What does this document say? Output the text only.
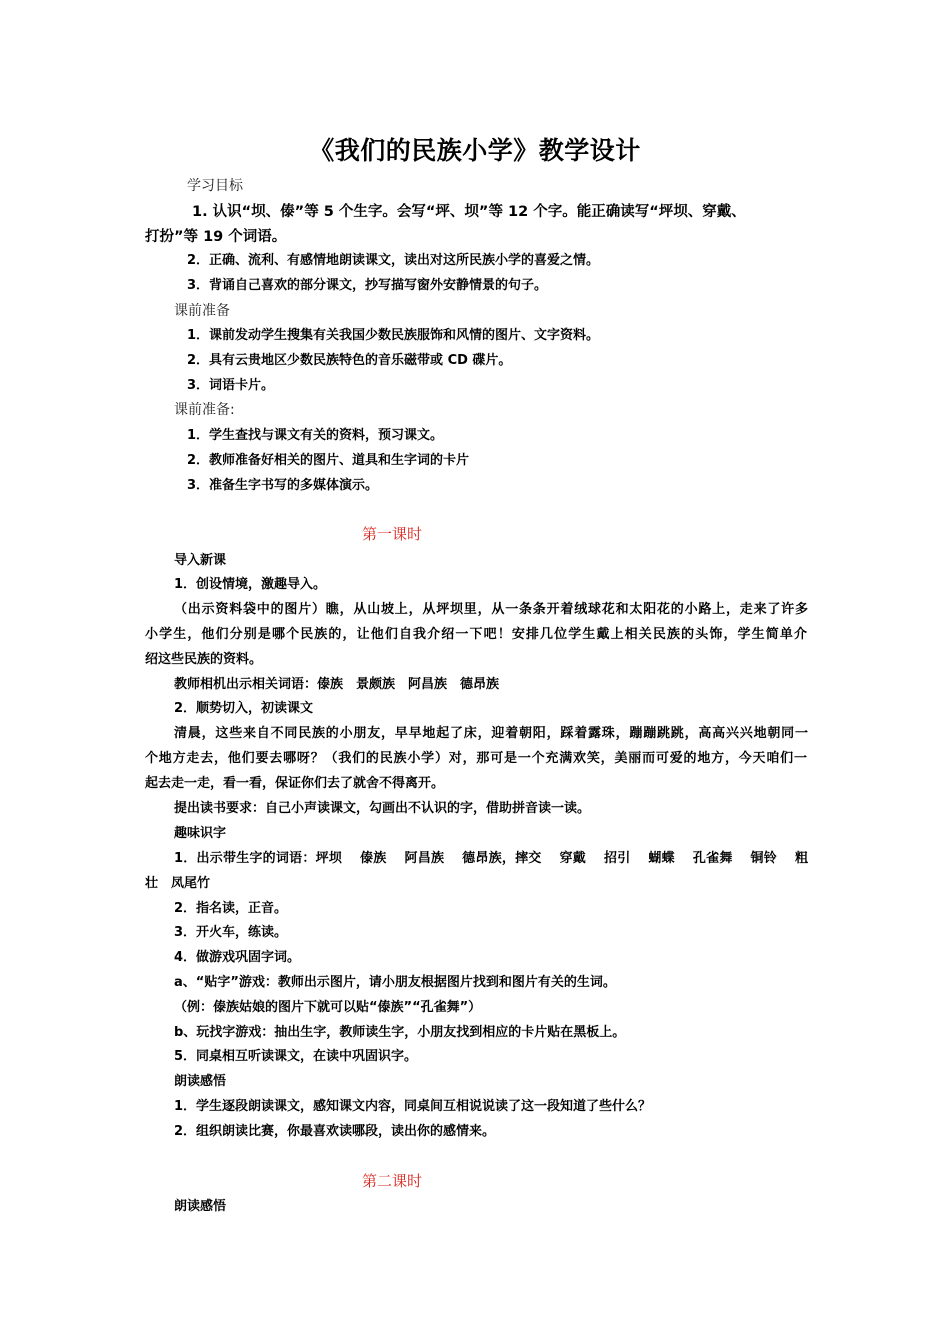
《我们的民族小学》教学设计
学习目标
1. 认识“坝、傣”等 5 个生字。会写“坪、坝”等 12 个字。能正确读写“坪坝、穿戴、
打扮”等 19 个词语。
2．正确、流利、有感情地朗读课文，读出对这所民族小学的喜爱之情。
3．背诵自己喜欢的部分课文，抄写描写窗外安静情景的句子。
课前准备
1．课前发动学生搜集有关我国少数民族服饰和风情的图片、文字资料。
2．具有云贵地区少数民族特色的音乐磁带或 CD 碟片。
3．词语卡片。
课前准备:
1．学生查找与课文有关的资料，预习课文。
2．教师准备好相关的图片、道具和生字词的卡片
3．准备生字书写的多媒体演示。
第一课时
导入新课
1．创设情境，激趣导入。
（出示资料袋中的图片）瞧，从山坡上，从坪坝里，从一条条开着绒球花和太阳花的小路上，走来了许多
小学生，他们分别是哪个民族的，让他们自我介绍一下吧！安排几位学生戴上相关民族的头饰，学生简单介
绍这些民族的资料。
教师相机出示相关词语：傣族　景颇族　阿昌族　德昂族
2．顺势切入，初读课文
清晨，这些来自不同民族的小朋友，早早地起了床，迎着朝阳，踩着露珠，蹦蹦跳跳，高高兴兴地朝同一
个地方走去，他们要去哪呀？（我们的民族小学）对，那可是一个充满欢笑，美丽而可爱的地方，今天咱们一
起去走一走，看一看，保证你们去了就舍不得离开。
提出读书要求：自己小声读课文，勾画出不认识的字，借助拼音读一读。
趣味识字
1．出示带生字的词语：坪坝　 傣族　 阿昌族　 德昂族，摔交　 穿戴　 招引　 蝴蝶　 孔雀舞　 铜铃　 粗
壮　凤尾竹
2．指名读，正音。
3．开火车，练读。
4．做游戏巩固字词。
a、“贴字”游戏：教师出示图片，请小朋友根据图片找到和图片有关的生词。
（例：傣族姑娘的图片下就可以贴“傣族”“孔雀舞”）
b、玩找字游戏：抽出生字，教师读生字，小朋友找到相应的卡片贴在黑板上。
5．同桌相互听读课文，在读中巩固识字。
朗读感悟
1．学生逐段朗读课文，感知课文内容，同桌间互相说说读了这一段知道了些什么？
2．组织朗读比赛，你最喜欢读哪段，读出你的感情来。
第二课时
朗读感悟
